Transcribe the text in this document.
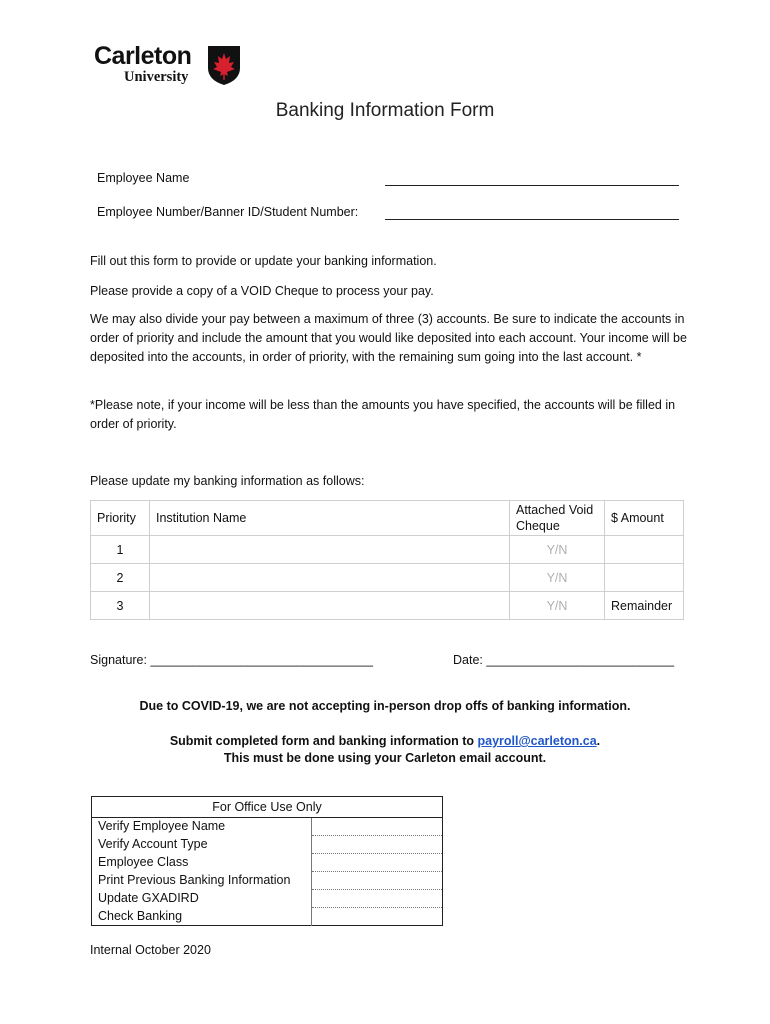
Carleton
University
Banking Information Form
Employee Name
Employee Number/Banner ID/Student Number:
Fill out this form to provide or update your banking information.
Please provide a copy of a VOID Cheque to process your pay.
We may also divide your pay between a maximum of three (3) accounts. Be sure to indicate the accounts in order of priority and include the amount that you would like deposited into each account. Your income will be deposited into the accounts, in order of priority, with the remaining sum going into the last account. *
*Please note, if your income will be less than the amounts you have specified, the accounts will be filled in order of priority.
Please update my banking information as follows:
Priority	Institution Name	Attached Void Cheque	$ Amount
1		Y/N	
2		Y/N	
3		Y/N	Remainder
Signature: ________________________________	Date: ___________________________
Due to COVID-19, we are not accepting in-person drop offs of banking information.
Submit completed form and banking information to payroll@carleton.ca.
This must be done using your Carleton email account.
For Office Use Only	
Verify Employee Name	
Verify Account Type	
Employee Class	
Print Previous Banking Information	
Update GXADIRD	
Check Banking	
Internal October 2020
